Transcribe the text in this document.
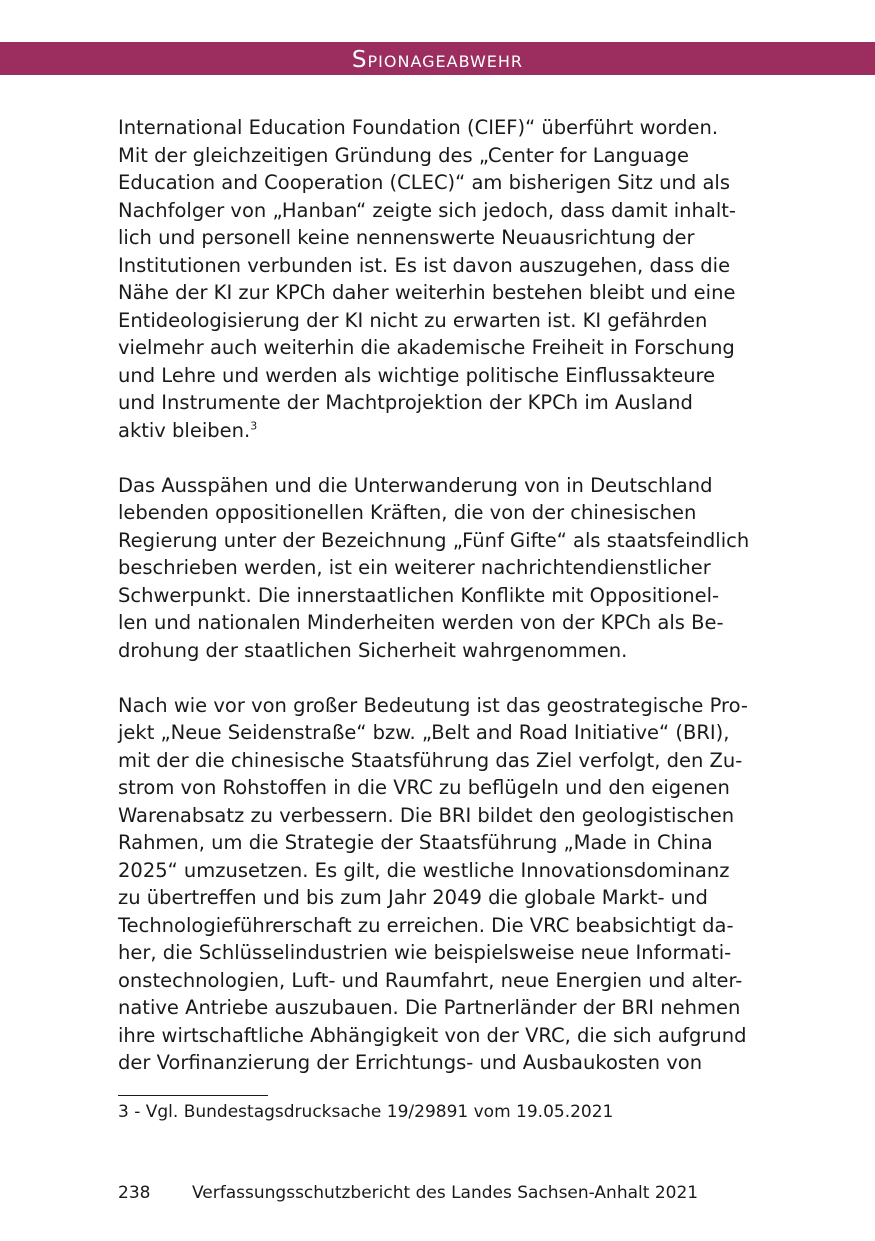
Spionageabwehr

International Education Foundation (CIEF)“ überführt worden.
Mit der gleichzeitigen Gründung des „Center for Language
Education and Cooperation (CLEC)“ am bisherigen Sitz und als
Nachfolger von „Hanban“ zeigte sich jedoch, dass damit inhalt-
lich und personell keine nennenswerte Neuausrichtung der
Institutionen verbunden ist. Es ist davon auszugehen, dass die
Nähe der KI zur KPCh daher weiterhin bestehen bleibt und eine
Entideologisierung der KI nicht zu erwarten ist. KI gefährden
vielmehr auch weiterhin die akademische Freiheit in Forschung
und Lehre und werden als wichtige politische Einflussakteure
und Instrumente der Machtprojektion der KPCh im Ausland
aktiv bleiben.$^3$

Das Ausspähen und die Unterwanderung von in Deutschland
lebenden oppositionellen Kräften, die von der chinesischen
Regierung unter der Bezeichnung „Fünf Gifte“ als staatsfeindlich
beschrieben werden, ist ein weiterer nachrichtendienstlicher
Schwerpunkt. Die innerstaatlichen Konflikte mit Oppositionel-
len und nationalen Minderheiten werden von der KPCh als Be-
drohung der staatlichen Sicherheit wahrgenommen.

Nach wie vor von großer Bedeutung ist das geostrategische Pro-
jekt „Neue Seidenstraße“ bzw. „Belt and Road Initiative“ (BRI),
mit der die chinesische Staatsführung das Ziel verfolgt, den Zu-
strom von Rohstoffen in die VRC zu beflügeln und den eigenen
Warenabsatz zu verbessern. Die BRI bildet den geologistischen
Rahmen, um die Strategie der Staatsführung „Made in China
2025“ umzusetzen. Es gilt, die westliche Innovationsdominanz
zu übertreffen und bis zum Jahr 2049 die globale Markt- und
Technologieführerschaft zu erreichen. Die VRC beabsichtigt da-
her, die Schlüsselindustrien wie beispielsweise neue Informati-
onstechnologien, Luft- und Raumfahrt, neue Energien und alter-
native Antriebe auszubauen. Die Partnerländer der BRI nehmen
ihre wirtschaftliche Abhängigkeit von der VRC, die sich aufgrund
der Vorfinanzierung der Errichtungs- und Ausbaukosten von

3 - Vgl. Bundestagsdrucksache 19/29891 vom 19.05.2021
238 Verfassungsschutzbericht des Landes Sachsen-Anhalt 2021
